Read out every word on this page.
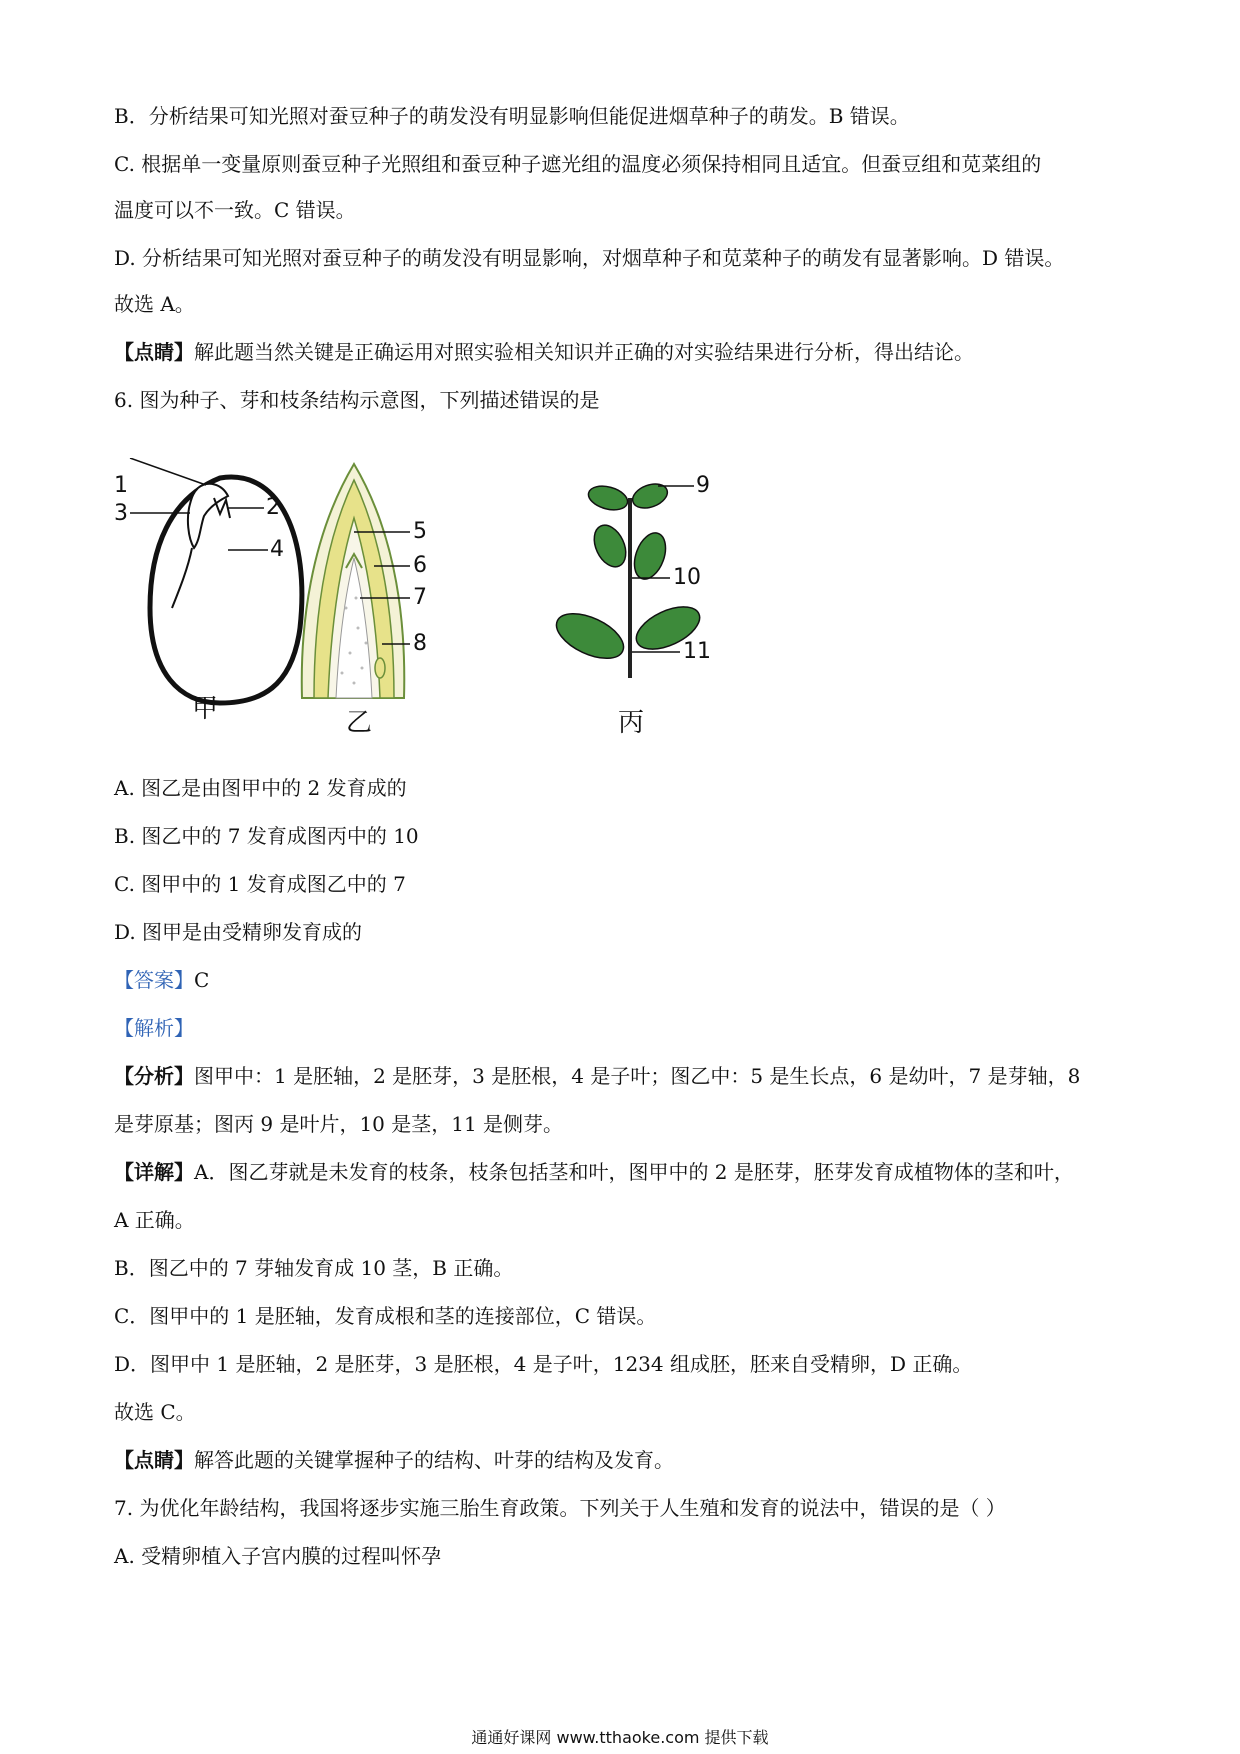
B．分析结果可知光照对蚕豆种子的萌发没有明显影响但能促进烟草种子的萌发。B 错误。
C. 根据单一变量原则蚕豆种子光照组和蚕豆种子遮光组的温度必须保持相同且适宜。但蚕豆组和苋菜组的
温度可以不一致。C 错误。
D. 分析结果可知光照对蚕豆种子的萌发没有明显影响，对烟草种子和苋菜种子的萌发有显著影响。D 错误。
故选 A。
【点睛】解此题当然关键是正确运用对照实验相关知识并正确的对实验结果进行分析，得出结论。
6. 图为种子、芽和枝条结构示意图，下列描述错误的是
1
3	2
4
5
6
7
8
9
10
11
甲	乙	丙
A. 图乙是由图甲中的 2 发育成的
B. 图乙中的 7 发育成图丙中的 10
C. 图甲中的 1 发育成图乙中的 7
D. 图甲是由受精卵发育成的
【答案】C
【解析】
【分析】图甲中：1 是胚轴，2 是胚芽，3 是胚根，4 是子叶；图乙中：5 是生长点，6 是幼叶，7 是芽轴，8
是芽原基；图丙 9 是叶片，10 是茎，11 是侧芽。
【详解】A．图乙芽就是未发育的枝条，枝条包括茎和叶，图甲中的 2 是胚芽，胚芽发育成植物体的茎和叶，
A 正确。
B．图乙中的 7 芽轴发育成 10 茎，B 正确。
C．图甲中的 1 是胚轴，发育成根和茎的连接部位，C 错误。
D．图甲中 1 是胚轴，2 是胚芽，3 是胚根，4 是子叶，1234 组成胚，胚来自受精卵，D 正确。
故选 C。
【点睛】解答此题的关键掌握种子的结构、叶芽的结构及发育。
7. 为优化年龄结构，我国将逐步实施三胎生育政策。下列关于人生殖和发育的说法中，错误的是（ ）
A. 受精卵植入子宫内膜的过程叫怀孕
通通好课网 www.tthaoke.com 提供下载
